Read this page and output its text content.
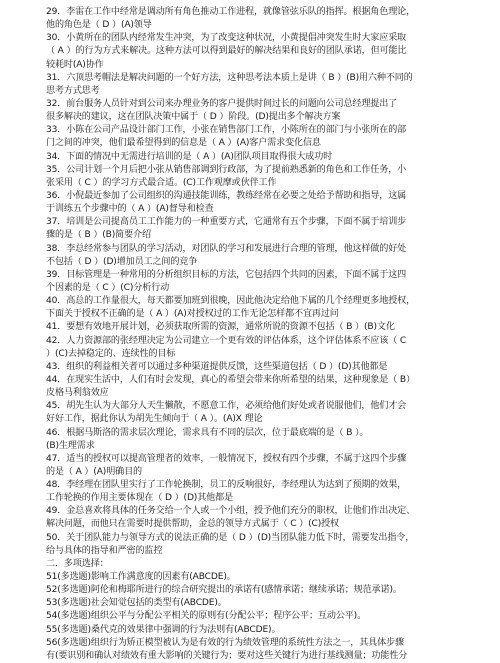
29．李雷在工作中经常是调动所有角色推动工作进程，就像管弦乐队的指挥。根据角色理论，
他的角色是（ D ）(A)领导
30．小黄所在的团队内经常发生冲突，为了改变这种状况，小黄提倡冲突发生时大家应采取
（ A ）的行为方式来解决。这种方法可以得到最好的解决结果和良好的团队承诺，但可能比
较耗时(A)协作
31．六顶思考帽法是解决问题的一个好方法，这种思考法本质上是讲（ B ）(B)用六种不同的
思考方式思考
32．前台服务人员针对到公司来办理业务的客户提供时间过长的问题向公司总经理提出了
很多解决的建议，这在团队决策中属于（ D ）阶段。(D)提出多个解决方案
33．小陈在公司产品设计部门工作，小张在销售部门工作，小陈所在的部门与小张所在的部
门之间的冲突，他们最希望得到的信息是（ A ）(A)客户需求变化信息
34．下面的情况中无需进行培训的是（ A ）(A)团队项目取得很大成功时
35．公司计划一个月后把小张从销售部调到行政部，为了提前熟悉新的角色和工作任务，小
张采用（ C ）的学习方式最合适。(C)工作观摩或伙伴工作
36．小倪最近参加了公司组织的沟通技能训练，教练经常在必要之处给予帮助和指导，这属
于训练五个步骤中的（ A ）(A)督导和检查
37．培训是公司提高员工工作能力的一种重要方式，它通常有五个步骤，下面不属于培训步
骤的是（ B ）(B)简要介绍
38．李总经常参与团队的学习活动，对团队的学习和发展进行合理的管理，他这样做的好处
不包括（ D ）(D)增加员工之间的竞争
39．目标管理是一种常用的分析组织目标的方法，它包括四个共同的因素，下面不属于这四
个因素的是（ C ）(C)分析行动
40．高总的工作量很大，每天都要加班到很晚，因此他决定给他下属的几个经理更多地授权，
下面关于授权不正确的是（ A ）(A)对授权过的工作无论怎样都不宜再过问
41．要想有效地开展计划，必须获取所需的资源，通常所说的资源不包括（ B ）(B)文化
42．人力资源部的张经理决定为公司建立一个更有效的评估体系，这个评估体系不应该（ C
）(C)去掉稳定的、连续性的目标
43．组织的利益相关者可以通过多种渠道提供反馈，这些渠道包括（ D ）(D)其他都是
44．在现实生活中，人们有时会发现，真心的希望会带来你所希望的结果，这种现象是（ B）
皮格马利翁效应
45．胡先生认为大部分人天生懒散，不愿意工作，必须给他们好处或者说服他们，他们才会
好好工作，据此你认为胡先生倾向于（ A ）。(A)X 理论
46．根据马斯洛的需求层次理论，需求具有不同的层次，位于最底端的是（ B ）。
(B)生理需求
47．适当的授权可以提高管理者的效率，一般情况下，授权有四个步骤，不属于这四个步骤
的是（ A ）(A)明确目的
48．李经理在团队里实行了工作轮换制，员工的反响很好，李经理认为达到了预期的效果，
工作轮换的作用主要体现在（ D ）(D)其他都是
49．金总喜欢将具体的任务交给一个人或一个小组，授予他们充分的职权，让他们作出决定、
解决问题，而他只在需要时提供帮助，金总的领导方式属于（ C ）(C)授权
50．关于团队能力与领导方式的说法正确的是（ D ）(D)当团队能力低下时，需要发出指令，
给与具体的指导和严密的监控
二．多项选择：
51(多选题)影响工作满意度的因素有(ABCDE)。
52(多选题)阿伦和梅耶所进行的综合研究提出的承诺有(感情承诺；继续承诺；规范承诺)。
53(多选题)社会知觉包括的类型有(ABCDE)。
54(多选题)组织公平与分配公平相关的原则有(分配公平；程序公平；互动公平)。
55(多选题)桑代克的效果律中强调的行为法则有(ABCDE)。
56(多选题)组织行为矫正模型被认为是有效的行为绩效管理的系统性方法之一，其具体步骤
有(要识别和确认对绩效有重大影响的关键行为；要对这些关键行为进行基线测量；功能性分
